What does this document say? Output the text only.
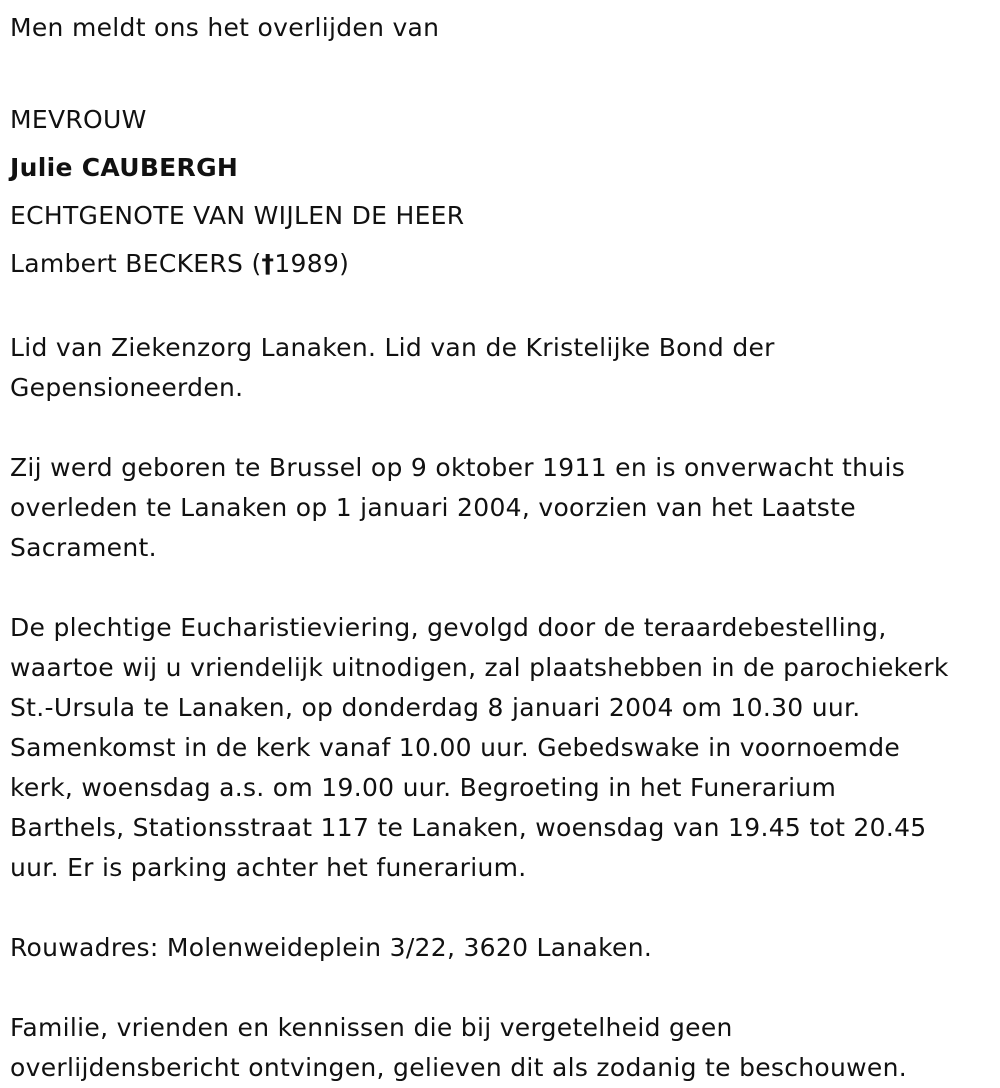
Men meldt ons het overlijden van
MEVROUW
Julie CAUBERGH
ECHTGENOTE VAN WIJLEN DE HEER
Lambert BECKERS (†1989)
Lid van Ziekenzorg Lanaken. Lid van de Kristelijke Bond der
Gepensioneerden.
Zij werd geboren te Brussel op 9 oktober 1911 en is onverwacht thuis
overleden te Lanaken op 1 januari 2004, voorzien van het Laatste
Sacrament.
De plechtige Eucharistieviering, gevolgd door de teraardebestelling,
waartoe wij u vriendelijk uitnodigen, zal plaatshebben in de parochiekerk
St.-Ursula te Lanaken, op donderdag 8 januari 2004 om 10.30 uur.
Samenkomst in de kerk vanaf 10.00 uur. Gebedswake in voornoemde
kerk, woensdag a.s. om 19.00 uur. Begroeting in het Funerarium
Barthels, Stationsstraat 117 te Lanaken, woensdag van 19.45 tot 20.45
uur. Er is parking achter het funerarium.
Rouwadres: Molenweideplein 3/22, 3620 Lanaken.
Familie, vrienden en kennissen die bij vergetelheid geen
overlijdensbericht ontvingen, gelieven dit als zodanig te beschouwen.
